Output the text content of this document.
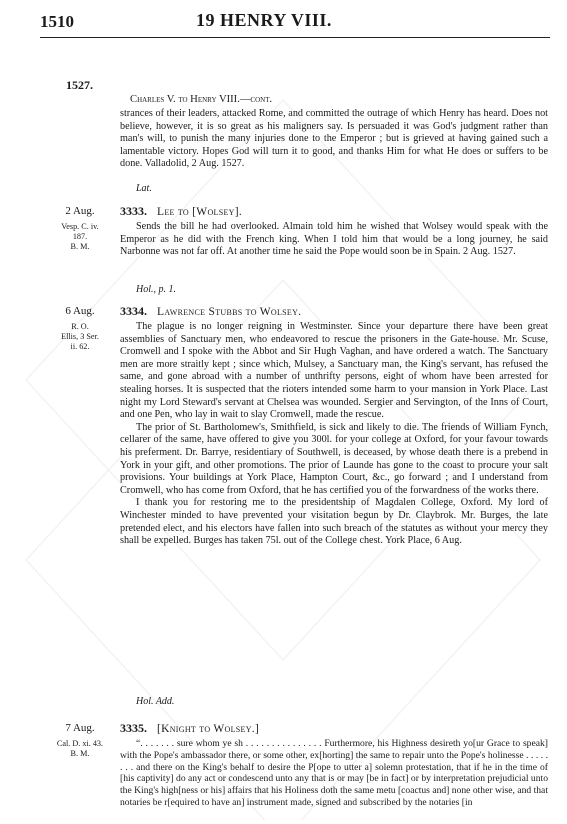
1510	19 HENRY VIII.
1527.
Charles V. to Henry VIII.—cont.

strances of their leaders, attacked Rome, and committed the outrage of which Henry has heard. Does not believe, however, it is so great as his maligners say. Is persuaded it was God's judgment rather than man's will, to punish the many injuries done to the Emperor ; but is grieved at having gained such a lamentable victory. Hopes God will turn it to good, and thanks Him for what He does or suffers to be done. Valladolid, 2 Aug. 1527.

Lat.
2 Aug.
Vesp. C. iv.
187.
B. M.
3333. Lee to [Wolsey].

Sends the bill he had overlooked. Almain told him he wished that Wolsey would speak with the Emperor as he did with the French king. When I told him that would be a long journey, he said Narbonne was not far off. At another time he said the Pope would soon be in Spain. 2 Aug. 1527.

Hol., p. 1.
6 Aug.
R. O.
Ellis, 3 Ser.
ii. 62.
3334. Lawrence Stubbs to Wolsey.

The plague is no longer reigning in Westminster. Since your departure there have been great assemblies of Sanctuary men, who endeavored to rescue the prisoners in the Gate-house. Mr. Scuse, Cromwell and I spoke with the Abbot and Sir Hugh Vaghan, and have ordered a watch. The Sanctuary men are more straitly kept ; since which, Mulsey, a Sanctuary man, the King's servant, has refused the same, and gone abroad with a number of unthrifty persons, eight of whom have been arrested for stealing horses. It is suspected that the rioters intended some harm to your mansion in York Place. Last night my Lord Steward's servant at Chelsea was wounded. Sergier and Servington, of the Inns of Court, and one Pen, who lay in wait to slay Cromwell, made the rescue.

The prior of St. Bartholomew's, Smithfield, is sick and likely to die. The friends of William Fynch, cellarer of the same, have offered to give you 300l. for your college at Oxford, for your favour towards his preferment. Dr. Barrye, residentiary of Southwell, is deceased, by whose death there is a prebend in York in your gift, and other promotions. The prior of Launde has gone to the coast to procure your salt provisions. Your buildings at York Place, Hampton Court, &c., go forward ; and I understand from Cromwell, who has come from Oxford, that he has certified you of the forwardness of the works there.

I thank you for restoring me to the presidentship of Magdalen College, Oxford. My lord of Winchester minded to have prevented your visitation begun by Dr. Claybrok. Mr. Burges, the late pretended elect, and his electors have fallen into such breach of the statutes as without your mercy they shall be expelled. Burges has taken 75l. out of the College chest. York Place, 6 Aug.

Hol. Add.
7 Aug.
Cal. D. xi. 43.
B. M.
3335. [Knight to Wolsey.]

“. . . . . . . sure whom ye sh . . . . . . . . . . . . . . . Furthermore, his Highness desireth yo[ur Grace to speak] with the Pope's ambassador there, or some other, ex[horting] the same to repair unto the Pope's holinesse . . . . . . . . and there on the King's behalf to desire the P[ope to utter a] solemn protestation, that if he in the time of [his captivity] do any act or condescend unto any that is or may [be in fact] or by interpretation prejudicial unto the King's high[ness or his] affairs that his Holiness doth the same metu [coactus and] none other wise, and that notaries be r[equired to have an] instrument made, signed and subscribed by the notaries [in
